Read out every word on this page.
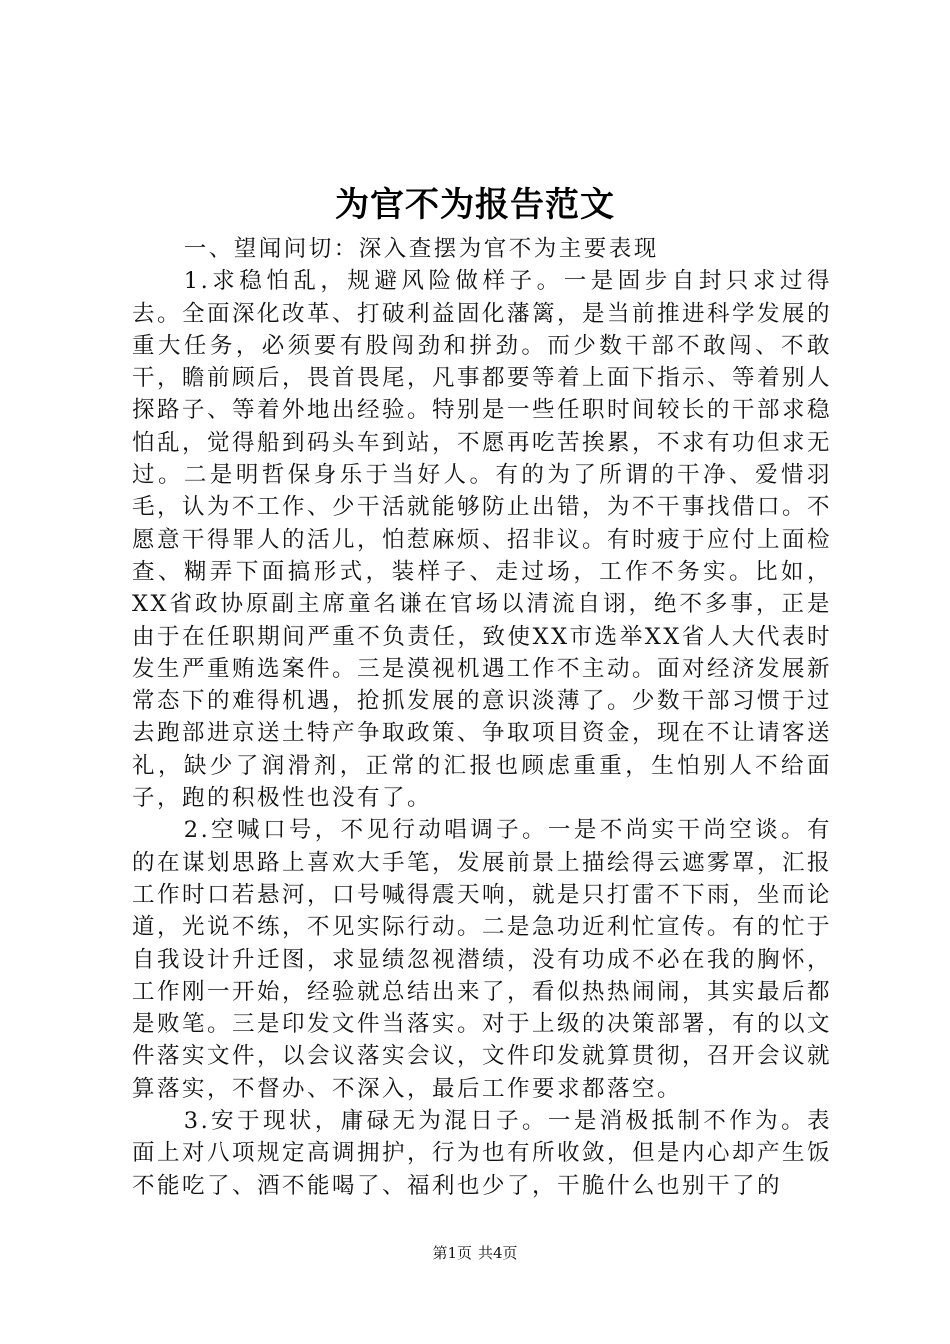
为官不为报告范文

一、望闻问切：深入查摆为官不为主要表现

1.求稳怕乱，规避风险做样子。一是固步自封只求过得去。全面深化改革、打破利益固化藩篱，是当前推进科学发展的重大任务，必须要有股闯劲和拼劲。而少数干部不敢闯、不敢干，瞻前顾后，畏首畏尾，凡事都要等着上面下指示、等着别人探路子、等着外地出经验。特别是一些任职时间较长的干部求稳怕乱，觉得船到码头车到站，不愿再吃苦挨累，不求有功但求无过。二是明哲保身乐于当好人。有的为了所谓的干净、爱惜羽毛，认为不工作、少干活就能够防止出错，为不干事找借口。不愿意干得罪人的活儿，怕惹麻烦、招非议。有时疲于应付上面检查、糊弄下面搞形式，装样子、走过场，工作不务实。比如，XX省政协原副主席童名谦在官场以清流自诩，绝不多事，正是由于在任职期间严重不负责任，致使XX市选举XX省人大代表时发生严重贿选案件。三是漠视机遇工作不主动。面对经济发展新常态下的难得机遇，抢抓发展的意识淡薄了。少数干部习惯于过去跑部进京送土特产争取政策、争取项目资金，现在不让请客送礼，缺少了润滑剂，正常的汇报也顾虑重重，生怕别人不给面子，跑的积极性也没有了。

2.空喊口号，不见行动唱调子。一是不尚实干尚空谈。有的在谋划思路上喜欢大手笔，发展前景上描绘得云遮雾罩，汇报工作时口若悬河，口号喊得震天响，就是只打雷不下雨，坐而论道，光说不练，不见实际行动。二是急功近利忙宣传。有的忙于自我设计升迁图，求显绩忽视潜绩，没有功成不必在我的胸怀，工作刚一开始，经验就总结出来了，看似热热闹闹，其实最后都是败笔。三是印发文件当落实。对于上级的决策部署，有的以文件落实文件，以会议落实会议，文件印发就算贯彻，召开会议就算落实，不督办、不深入，最后工作要求都落空。

3.安于现状，庸碌无为混日子。一是消极抵制不作为。表面上对八项规定高调拥护，行为也有所收敛，但是内心却产生饭不能吃了、酒不能喝了、福利也少了，干脆什么也别干了的

第1页 共4页
